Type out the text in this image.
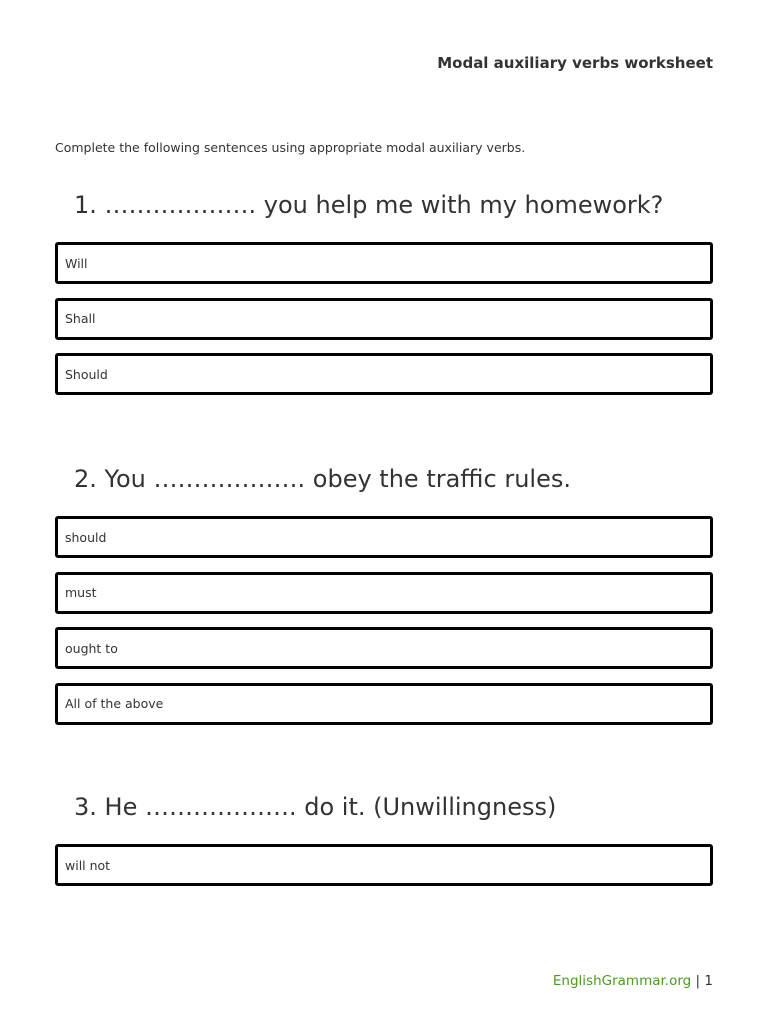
Modal auxiliary verbs worksheet
Complete the following sentences using appropriate modal auxiliary verbs.
1. ………………. you help me with my homework?
Will
Shall
Should
2. You ………………. obey the traffic rules.
should
must
ought to
All of the above
3. He ………………. do it. (Unwillingness)
will not
EnglishGrammar.org | 1
